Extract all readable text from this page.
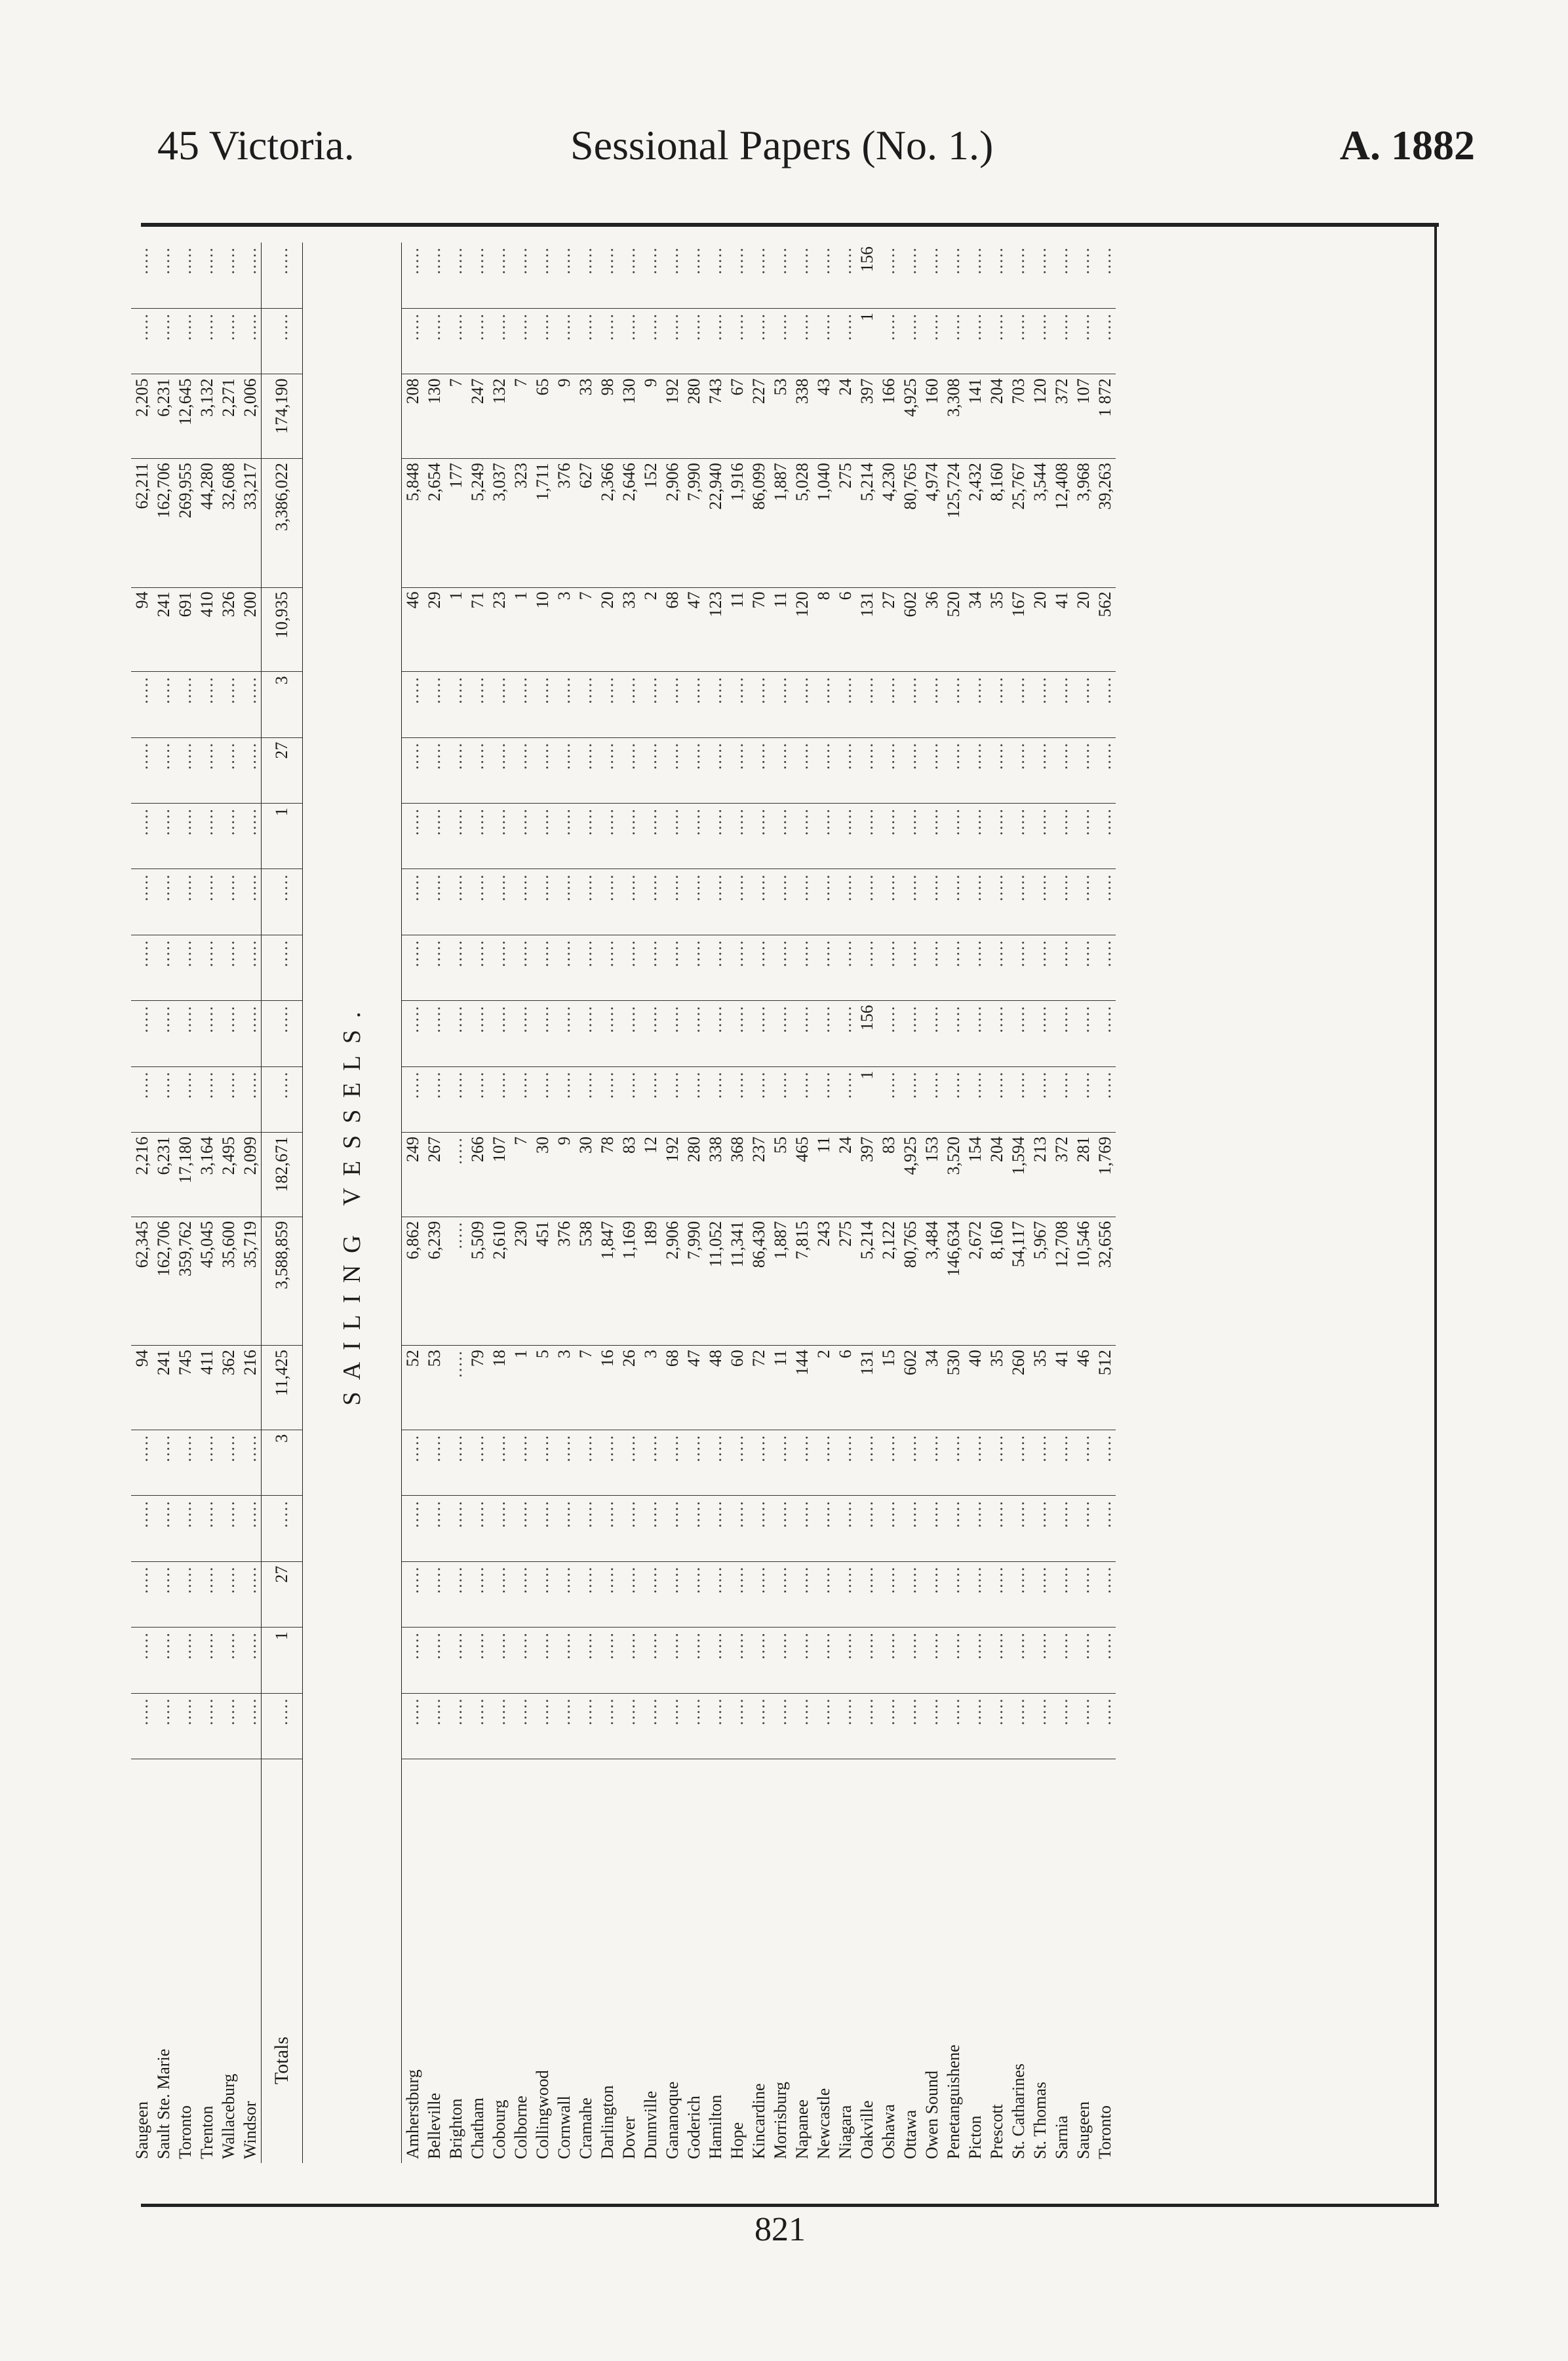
45 Victoria.	Sessional Papers (No. 1.)	A. 1882
Saugeen	.....	.....	.....	.....	.....	94	62,345	2,216	.....	.....	.....	.....	.....	.....	.....	94	62,211	2,205	.....	.....
Sault Ste. Marie	.....	.....	.....	.....	.....	241	162,706	6,231	.....	.....	.....	.....	.....	.....	.....	241	162,706	6,231	.....	.....
Toronto	.....	.....	.....	.....	.....	745	359,762	17,180	.....	.....	.....	.....	.....	.....	.....	691	269,955	12,645	.....	.....
Trenton	.....	.....	.....	.....	.....	411	45,045	3,164	.....	.....	.....	.....	.....	.....	.....	410	44,280	3,132	.....	.....
Wallaceburg	.....	.....	.....	.....	.....	362	35,600	2,495	.....	.....	.....	.....	.....	.....	.....	326	32,608	2,271	.....	.....
Windsor	.....	.....	.....	.....	.....	216	35,719	2,099	.....	.....	.....	.....	.....	.....	.....	200	33,217	2,006	.....	.....
Totals	.....	1	27	.....	3	11,425	3,588,859	182,671	.....	.....	.....	.....	1	27	3	10,935	3,386,022	174,190	.....	.....
SAILING VESSELS.																				
Amherstburg	.....	.....	.....	.....	.....	52	6,862	249	.....	.....	.....	.....	.....	.....	.....	46	5,848	208	.....	.....
Belleville	.....	.....	.....	.....	.....	53	6,239	267	.....	.....	.....	.....	.....	.....	.....	29	2,654	130	.....	.....
Brighton	.....	.....	.....	.....	.....	.....	.....	.....	.....	.....	.....	.....	.....	.....	.....	1	177	7	.....	.....
Chatham	.....	.....	.....	.....	.....	79	5,509	266	.....	.....	.....	.....	.....	.....	.....	71	5,249	247	.....	.....
Cobourg	.....	.....	.....	.....	.....	18	2,610	107	.....	.....	.....	.....	.....	.....	.....	23	3,037	132	.....	.....
Colborne	.....	.....	.....	.....	.....	1	230	7	.....	.....	.....	.....	.....	.....	.....	1	323	7	.....	.....
Collingwood	.....	.....	.....	.....	.....	5	451	30	.....	.....	.....	.....	.....	.....	.....	10	1,711	65	.....	.....
Cornwall	.....	.....	.....	.....	.....	3	376	9	.....	.....	.....	.....	.....	.....	.....	3	376	9	.....	.....
Cramahe	.....	.....	.....	.....	.....	7	538	30	.....	.....	.....	.....	.....	.....	.....	7	627	33	.....	.....
Darlington	.....	.....	.....	.....	.....	16	1,847	78	.....	.....	.....	.....	.....	.....	.....	20	2,366	98	.....	.....
Dover	.....	.....	.....	.....	.....	26	1,169	83	.....	.....	.....	.....	.....	.....	.....	33	2,646	130	.....	.....
Dunnville	.....	.....	.....	.....	.....	3	189	12	.....	.....	.....	.....	.....	.....	.....	2	152	9	.....	.....
Gananoque	.....	.....	.....	.....	.....	68	2,906	192	.....	.....	.....	.....	.....	.....	.....	68	2,906	192	.....	.....
Goderich	.....	.....	.....	.....	.....	47	7,990	280	.....	.....	.....	.....	.....	.....	.....	47	7,990	280	.....	.....
Hamilton	.....	.....	.....	.....	.....	48	11,052	338	.....	.....	.....	.....	.....	.....	.....	123	22,940	743	.....	.....
Hope	.....	.....	.....	.....	.....	60	11,341	368	.....	.....	.....	.....	.....	.....	.....	11	1,916	67	.....	.....
Kincardine	.....	.....	.....	.....	.....	72	86,430	237	.....	.....	.....	.....	.....	.....	.....	70	86,099	227	.....	.....
Morrisburg	.....	.....	.....	.....	.....	11	1,887	55	.....	.....	.....	.....	.....	.....	.....	11	1,887	53	.....	.....
Napanee	.....	.....	.....	.....	.....	144	7,815	465	.....	.....	.....	.....	.....	.....	.....	120	5,028	338	.....	.....
Newcastle	.....	.....	.....	.....	.....	2	243	11	.....	.....	.....	.....	.....	.....	.....	8	1,040	43	.....	.....
Niagara	.....	.....	.....	.....	.....	6	275	24	.....	.....	.....	.....	.....	.....	.....	6	275	24	.....	.....
Oakville	.....	.....	.....	.....	.....	131	5,214	397	1	156	.....	.....	.....	.....	.....	131	5,214	397	1	156
Oshawa	.....	.....	.....	.....	.....	15	2,122	83	.....	.....	.....	.....	.....	.....	.....	27	4,230	166	.....	.....
Ottawa	.....	.....	.....	.....	.....	602	80,765	4,925	.....	.....	.....	.....	.....	.....	.....	602	80,765	4,925	.....	.....
Owen Sound	.....	.....	.....	.....	.....	34	3,484	153	.....	.....	.....	.....	.....	.....	.....	36	4,974	160	.....	.....
Penetanguishene	.....	.....	.....	.....	.....	530	146,634	3,520	.....	.....	.....	.....	.....	.....	.....	520	125,724	3,308	.....	.....
Picton	.....	.....	.....	.....	.....	40	2,672	154	.....	.....	.....	.....	.....	.....	.....	34	2,432	141	.....	.....
Prescott	.....	.....	.....	.....	.....	35	8,160	204	.....	.....	.....	.....	.....	.....	.....	35	8,160	204	.....	.....
St. Catharines	.....	.....	.....	.....	.....	260	54,117	1,594	.....	.....	.....	.....	.....	.....	.....	167	25,767	703	.....	.....
St. Thomas	.....	.....	.....	.....	.....	35	5,967	213	.....	.....	.....	.....	.....	.....	.....	20	3,544	120	.....	.....
Sarnia	.....	.....	.....	.....	.....	41	12,708	372	.....	.....	.....	.....	.....	.....	.....	41	12,408	372	.....	.....
Saugeen	.....	.....	.....	.....	.....	46	10,546	281	.....	.....	.....	.....	.....	.....	.....	20	3,968	107	.....	.....
Toronto	.....	.....	.....	.....	.....	512	32,656	1,769	.....	.....	.....	.....	.....	.....	.....	562	39,263	1 872	.....	.....
821
